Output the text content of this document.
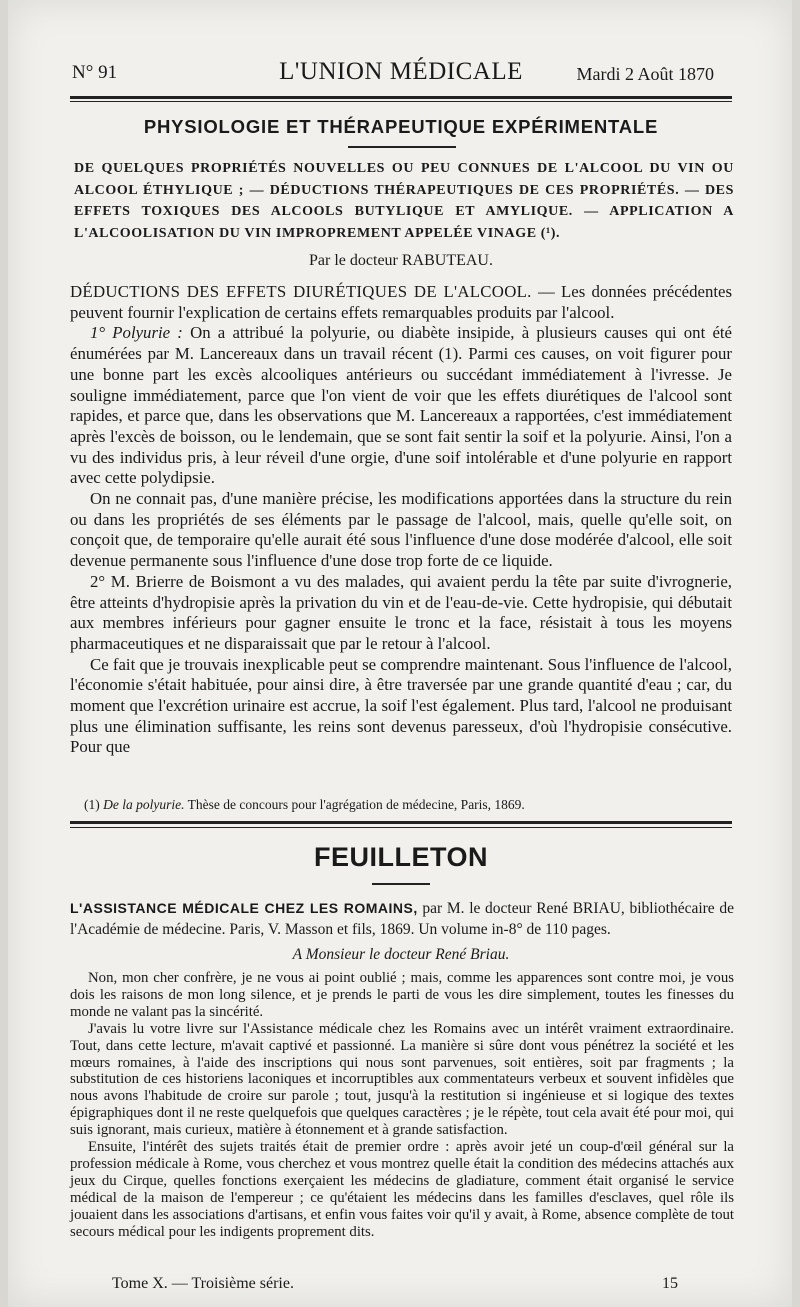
N° 91	L'UNION MÉDICALE	Mardi 2 Août 1870
PHYSIOLOGIE ET THÉRAPEUTIQUE EXPÉRIMENTALE
DE QUELQUES PROPRIÉTÉS NOUVELLES OU PEU CONNUES DE L'ALCOOL DU VIN OU ALCOOL ÉTHYLIQUE ; — DÉDUCTIONS THÉRAPEUTIQUES DE CES PROPRIÉTÉS. — DES EFFETS TOXIQUES DES ALCOOLS BUTYLIQUE ET AMYLIQUE. — APPLICATION A L'ALCOOLISATION DU VIN IMPROPREMENT APPELÉE VINAGE (¹).
Par le docteur RABUTEAU.

DÉDUCTIONS DES EFFETS DIURÉTIQUES DE L'ALCOOL. — Les données précédentes peuvent fournir l'explication de certains effets remarquables produits par l'alcool.

1° Polyurie : On a attribué la polyurie, ou diabète insipide, à plusieurs causes qui ont été énumérées par M. Lancereaux dans un travail récent (1). Parmi ces causes, on voit figurer pour une bonne part les excès alcooliques antérieurs ou succédant immédiatement à l'ivresse. Je souligne immédiatement, parce que l'on vient de voir que les effets diurétiques de l'alcool sont rapides, et parce que, dans les observations que M. Lancereaux a rapportées, c'est immédiatement après l'excès de boisson, ou le lendemain, que se sont fait sentir la soif et la polyurie. Ainsi, l'on a vu des individus pris, à leur réveil d'une orgie, d'une soif intolérable et d'une polyurie en rapport avec cette polydipsie.

On ne connait pas, d'une manière précise, les modifications apportées dans la structure du rein ou dans les propriétés de ses éléments par le passage de l'alcool, mais, quelle qu'elle soit, on conçoit que, de temporaire qu'elle aurait été sous l'influence d'une dose modérée d'alcool, elle soit devenue permanente sous l'influence d'une dose trop forte de ce liquide.

2° M. Brierre de Boismont a vu des malades, qui avaient perdu la tête par suite d'ivrognerie, être atteints d'hydropisie après la privation du vin et de l'eau-de-vie. Cette hydropisie, qui débutait aux membres inférieurs pour gagner ensuite le tronc et la face, résistait à tous les moyens pharmaceutiques et ne disparaissait que par le retour à l'alcool.

Ce fait que je trouvais inexplicable peut se comprendre maintenant. Sous l'influence de l'alcool, l'économie s'était habituée, pour ainsi dire, à être traversée par une grande quantité d'eau ; car, du moment que l'excrétion urinaire est accrue, la soif l'est également. Plus tard, l'alcool ne produisant plus une élimination suffisante, les reins sont devenus paresseux, d'où l'hydropisie consécutive. Pour que

(1) De la polyurie. Thèse de concours pour l'agrégation de médecine, Paris, 1869.
FEUILLETON
L'ASSISTANCE MÉDICALE CHEZ LES ROMAINS, par M. le docteur René BRIAU, bibliothécaire de l'Académie de médecine. Paris, V. Masson et fils, 1869. Un volume in-8° de 110 pages.
A Monsieur le docteur René Briau.

Non, mon cher confrère, je ne vous ai point oublié ; mais, comme les apparences sont contre moi, je vous dois les raisons de mon long silence, et je prends le parti de vous les dire simplement, toutes les finesses du monde ne valant pas la sincérité.

J'avais lu votre livre sur l'Assistance médicale chez les Romains avec un intérêt vraiment extraordinaire. Tout, dans cette lecture, m'avait captivé et passionné. La manière si sûre dont vous pénétrez la société et les mœurs romaines, à l'aide des inscriptions qui nous sont parvenues, soit entières, soit par fragments ; la substitution de ces historiens laconiques et incorruptibles aux commentateurs verbeux et souvent infidèles que nous avons l'habitude de croire sur parole ; tout, jusqu'à la restitution si ingénieuse et si logique des textes épigraphiques dont il ne reste quelquefois que quelques caractères ; je le répète, tout cela avait été pour moi, qui suis ignorant, mais curieux, matière à étonnement et à grande satisfaction.

Ensuite, l'intérêt des sujets traités était de premier ordre : après avoir jeté un coup-d'œil général sur la profession médicale à Rome, vous cherchez et vous montrez quelle était la condition des médecins attachés aux jeux du Cirque, quelles fonctions exerçaient les médecins de gladiature, comment était organisé le service médical de la maison de l'empereur ; ce qu'étaient les médecins dans les familles d'esclaves, quel rôle ils jouaient dans les associations d'artisans, et enfin vous faites voir qu'il y avait, à Rome, absence complète de tout secours médical pour les indigents proprement dits.

Tome X. — Troisième série.	15
